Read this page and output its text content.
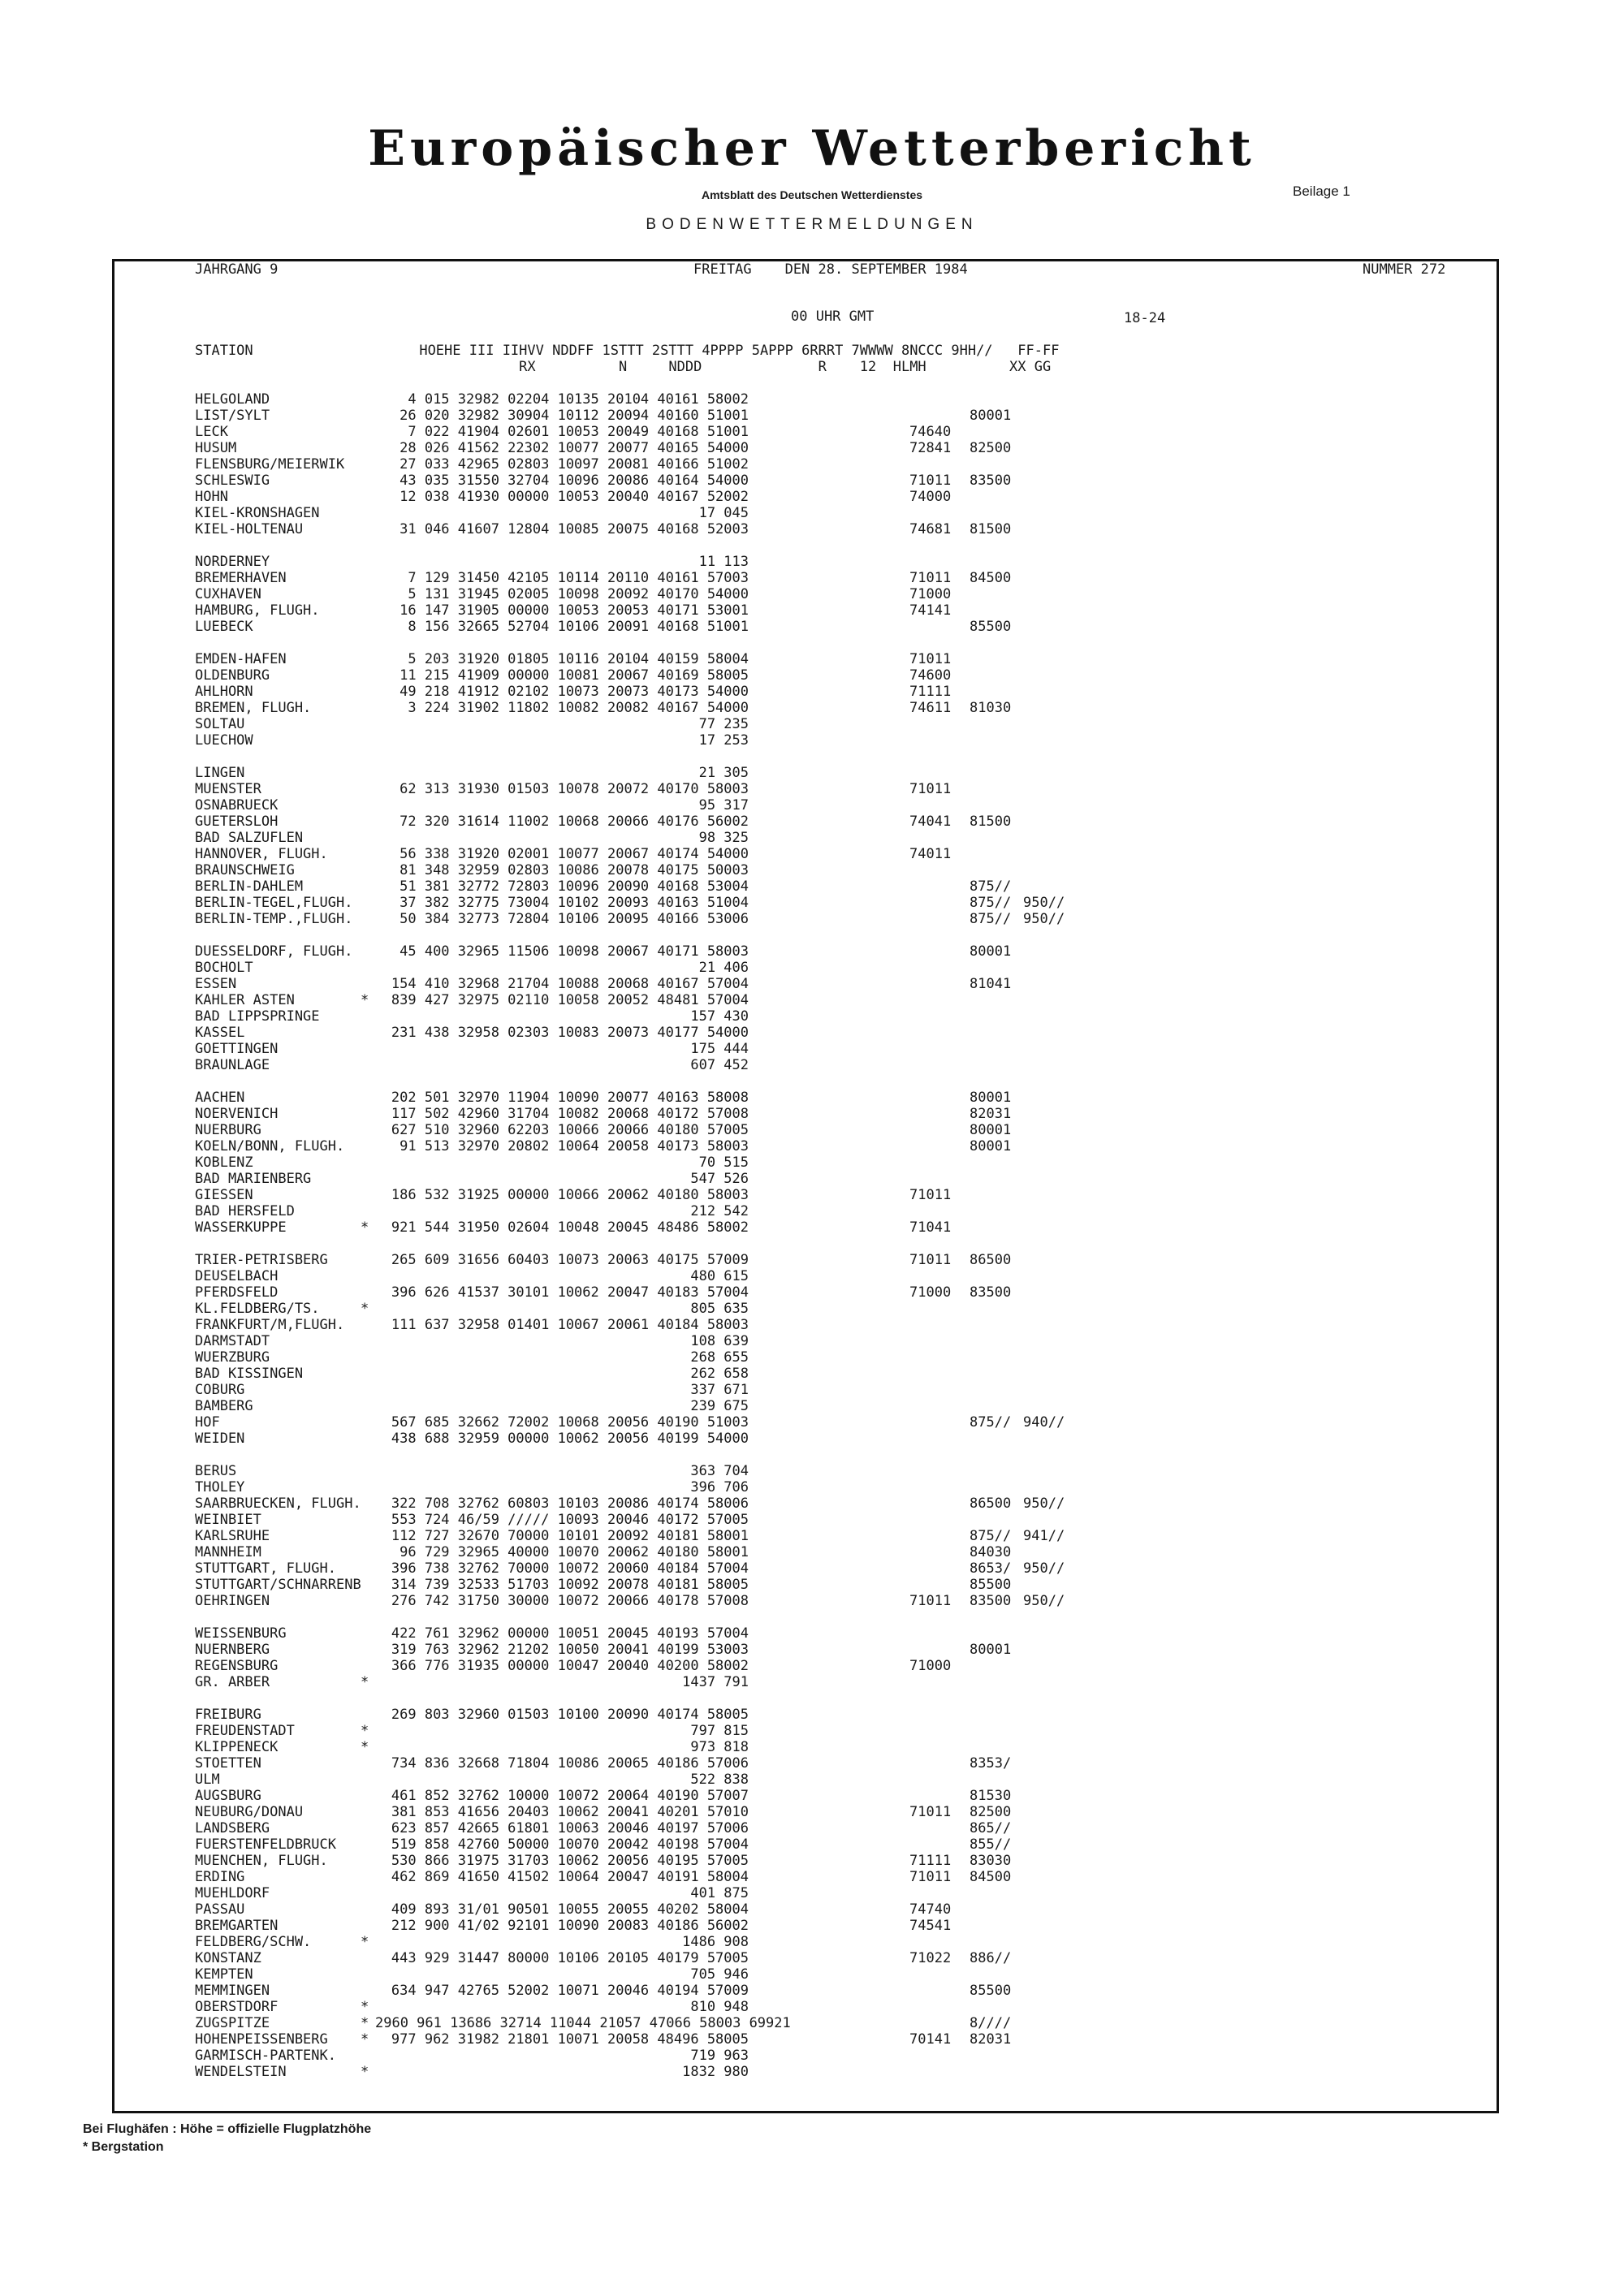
Europäischer Wetterbericht
Amtsblatt des Deutschen Wetterdienstes	Beilage 1
BODENWETTERMELDUNGEN
JAHRGANG 9	FREITAG    DEN 28. SEPTEMBER 1984	NUMMER 272
00 UHR GMT	18-24
STATION                    HOEHE III IIHVV NDDFF 1STTT 2STTT 4PPPP 5APPP 6RRRT 7WWWW 8NCCC 9HH//   FF-FF
RX          N     NDDD              R    12  HLMH          XX GG
HELGOLAND	4 015 32982 02204 10135 20104 40161 58002
LIST/SYLT	26 020 32982 30904 10112 20094 40160 51001	80001
LECK	7 022 41904 02601 10053 20049 40168 51001	74640
HUSUM	28 026 41562 22302 10077 20077 40165 54000	72841 82500
FLENSBURG/MEIERWIK	27 033 42965 02803 10097 20081 40166 51002
SCHLESWIG	43 035 31550 32704 10096 20086 40164 54000	71011 83500
HOHN	12 038 41930 00000 10053 20040 40167 52002	74000
KIEL-KRONSHAGEN	17 045
KIEL-HOLTENAU	31 046 41607 12804 10085 20075 40168 52003	74681 81500
NORDERNEY	11 113
BREMERHAVEN	7 129 31450 42105 10114 20110 40161 57003	71011 84500
CUXHAVEN	5 131 31945 02005 10098 20092 40170 54000	71000
HAMBURG, FLUGH.	16 147 31905 00000 10053 20053 40171 53001	74141
LUEBECK	8 156 32665 52704 10106 20091 40168 51001	85500
EMDEN-HAFEN	5 203 31920 01805 10116 20104 40159 58004	71011
OLDENBURG	11 215 41909 00000 10081 20067 40169 58005	74600
AHLHORN	49 218 41912 02102 10073 20073 40173 54000	71111
BREMEN, FLUGH.	3 224 31902 11802 10082 20082 40167 54000	74611 81030
SOLTAU	77 235
LUECHOW	17 253
LINGEN	21 305
MUENSTER	62 313 31930 01503 10078 20072 40170 58003	71011
OSNABRUECK	95 317
GUETERSLOH	72 320 31614 11002 10068 20066 40176 56002	74041 81500
BAD SALZUFLEN	98 325
HANNOVER, FLUGH.	56 338 31920 02001 10077 20067 40174 54000	74011
BRAUNSCHWEIG	81 348 32959 02803 10086 20078 40175 50003
BERLIN-DAHLEM	51 381 32772 72803 10096 20090 40168 53004	875//
BERLIN-TEGEL,FLUGH.	37 382 32775 73004 10102 20093 40163 51004	875// 950//
BERLIN-TEMP.,FLUGH.	50 384 32773 72804 10106 20095 40166 53006	875// 950//
DUESSELDORF, FLUGH.	45 400 32965 11506 10098 20067 40171 58003	80001
BOCHOLT	21 406
ESSEN	154 410 32968 21704 10088 20068 40167 57004	81041
KAHLER ASTEN	*	839 427 32975 02110 10058 20052 48481 57004
BAD LIPPSPRINGE	157 430
KASSEL	231 438 32958 02303 10083 20073 40177 54000
GOETTINGEN	175 444
BRAUNLAGE	607 452
AACHEN	202 501 32970 11904 10090 20077 40163 58008	80001
NOERVENICH	117 502 42960 31704 10082 20068 40172 57008	82031
NUERBURG	627 510 32960 62203 10066 20066 40180 57005	80001
KOELN/BONN, FLUGH.	91 513 32970 20802 10064 20058 40173 58003	80001
KOBLENZ	70 515
BAD MARIENBERG	547 526
GIESSEN	186 532 31925 00000 10066 20062 40180 58003	71011
BAD HERSFELD	212 542
WASSERKUPPE	*	921 544 31950 02604 10048 20045 48486 58002	71041
TRIER-PETRISBERG	265 609 31656 60403 10073 20063 40175 57009	71011 86500
DEUSELBACH	480 615
PFERDSFELD	396 626 41537 30101 10062 20047 40183 57004	71000 83500
KL.FELDBERG/TS.	*	805 635
FRANKFURT/M,FLUGH.	111 637 32958 01401 10067 20061 40184 58003
DARMSTADT	108 639
WUERZBURG	268 655
BAD KISSINGEN	262 658
COBURG	337 671
BAMBERG	239 675
HOF	567 685 32662 72002 10068 20056 40190 51003	875// 940//
WEIDEN	438 688 32959 00000 10062 20056 40199 54000
BERUS	363 704
THOLEY	396 706
SAARBRUECKEN, FLUGH.	322 708 32762 60803 10103 20086 40174 58006	86500 950//
WEINBIET	553 724 46/59 ///// 10093 20046 40172 57005
KARLSRUHE	112 727 32670 70000 10101 20092 40181 58001	875// 941//
MANNHEIM	96 729 32965 40000 10070 20062 40180 58001	84030
STUTTGART, FLUGH.	396 738 32762 70000 10072 20060 40184 57004	8653/ 950//
STUTTGART/SCHNARRENB	314 739 32533 51703 10092 20078 40181 58005	85500
OEHRINGEN	276 742 31750 30000 10072 20066 40178 57008	71011 83500 950//
WEISSENBURG	422 761 32962 00000 10051 20045 40193 57004
NUERNBERG	319 763 32962 21202 10050 20041 40199 53003	80001
REGENSBURG	366 776 31935 00000 10047 20040 40200 58002	71000
GR. ARBER	*	1437 791
FREIBURG	269 803 32960 01503 10100 20090 40174 58005
FREUDENSTADT	*	797 815
KLIPPENECK	*	973 818
STOETTEN	734 836 32668 71804 10086 20065 40186 57006	8353/
ULM	522 838
AUGSBURG	461 852 32762 10000 10072 20064 40190 57007	81530
NEUBURG/DONAU	381 853 41656 20403 10062 20041 40201 57010	71011 82500
LANDSBERG	623 857 42665 61801 10063 20046 40197 57006	865//
FUERSTENFELDBRUCK	519 858 42760 50000 10070 20042 40198 57004	855//
MUENCHEN, FLUGH.	530 866 31975 31703 10062 20056 40195 57005	71111 83030
ERDING	462 869 41650 41502 10064 20047 40191 58004	71011 84500
MUEHLDORF	401 875
PASSAU	409 893 31/01 90501 10055 20055 40202 58004	74740
BREMGARTEN	212 900 41/02 92101 10090 20083 40186 56002	74541
FELDBERG/SCHW.	*	1486 908
KONSTANZ	443 929 31447 80000 10106 20105 40179 57005	71022 886//
KEMPTEN	705 946
MEMMINGEN	634 947 42765 52002 10071 20046 40194 57009	85500
OBERSTDORF	*	810 948
ZUGSPITZE	* 2960 961 13686 32714 11044 21057 47066 58003 69921	8////
HOHENPEISSENBERG *	977 962 31982 21801 10071 20058 48496 58005	70141 82031
GARMISCH-PARTENK.	719 963
WENDELSTEIN	*	1832 980
Bei Flughäfen : Höhe = offizielle Flugplatzhöhe
* Bergstation
